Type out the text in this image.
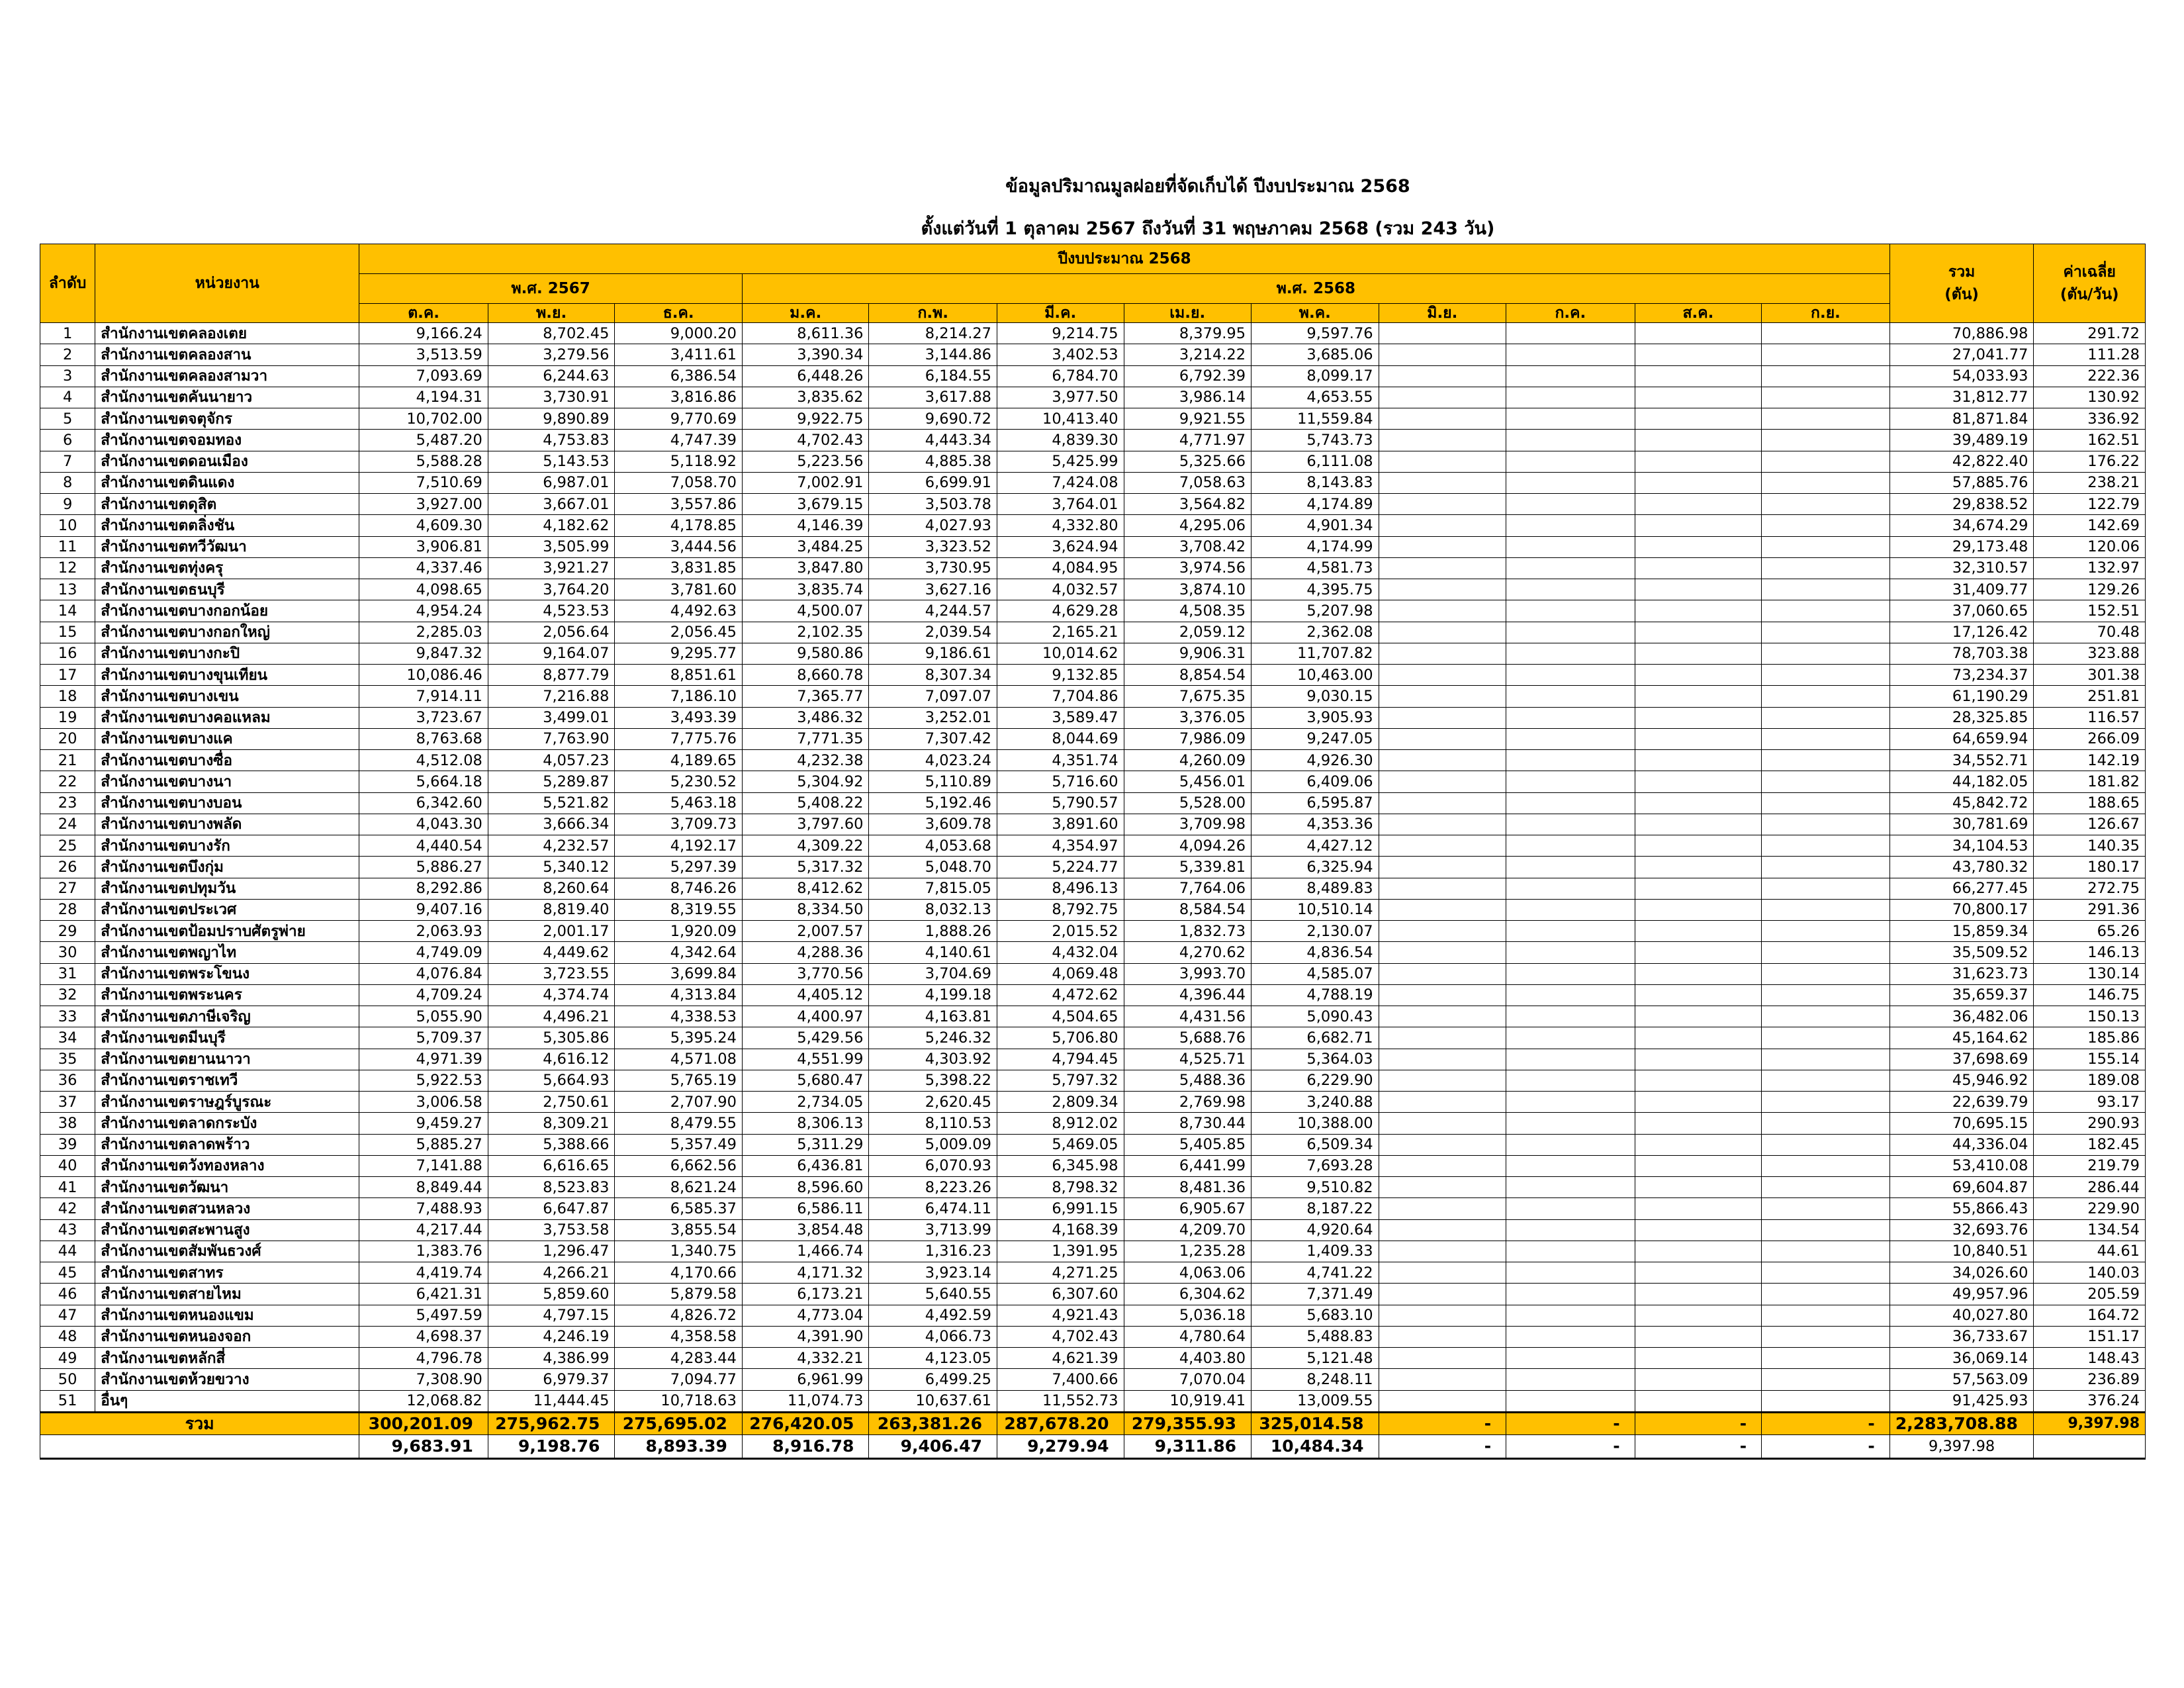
ข้อมูลปริมาณมูลฝอยที่จัดเก็บได้ ปีงบประมาณ 2568
ตั้งแต่วันที่ 1 ตุลาคม 2567 ถึงวันที่ 31 พฤษภาคม 2568 (รวม 243 วัน)
ลำดับ	หน่วยงาน	ปีงบประมาณ 2568												รวม
(ตัน)	ค่าเฉลี่ย
(ตัน/วัน)
		พ.ศ. 2567			พ.ศ. 2568										
		ต.ค.	พ.ย.	ธ.ค.	ม.ค.	ก.พ.	มี.ค.	เม.ย.	พ.ค.	มิ.ย.	ก.ค.	ส.ค.	ก.ย.		
1	สำนักงานเขตคลองเตย	9,166.24	8,702.45	9,000.20	8,611.36	8,214.27	9,214.75	8,379.95	9,597.76					70,886.98	291.72
2	สำนักงานเขตคลองสาน	3,513.59	3,279.56	3,411.61	3,390.34	3,144.86	3,402.53	3,214.22	3,685.06					27,041.77	111.28
3	สำนักงานเขตคลองสามวา	7,093.69	6,244.63	6,386.54	6,448.26	6,184.55	6,784.70	6,792.39	8,099.17					54,033.93	222.36
4	สำนักงานเขตคันนายาว	4,194.31	3,730.91	3,816.86	3,835.62	3,617.88	3,977.50	3,986.14	4,653.55					31,812.77	130.92
5	สำนักงานเขตจตุจักร	10,702.00	9,890.89	9,770.69	9,922.75	9,690.72	10,413.40	9,921.55	11,559.84					81,871.84	336.92
6	สำนักงานเขตจอมทอง	5,487.20	4,753.83	4,747.39	4,702.43	4,443.34	4,839.30	4,771.97	5,743.73					39,489.19	162.51
7	สำนักงานเขตดอนเมือง	5,588.28	5,143.53	5,118.92	5,223.56	4,885.38	5,425.99	5,325.66	6,111.08					42,822.40	176.22
8	สำนักงานเขตดินแดง	7,510.69	6,987.01	7,058.70	7,002.91	6,699.91	7,424.08	7,058.63	8,143.83					57,885.76	238.21
9	สำนักงานเขตดุสิต	3,927.00	3,667.01	3,557.86	3,679.15	3,503.78	3,764.01	3,564.82	4,174.89					29,838.52	122.79
10	สำนักงานเขตตลิ่งชัน	4,609.30	4,182.62	4,178.85	4,146.39	4,027.93	4,332.80	4,295.06	4,901.34					34,674.29	142.69
11	สำนักงานเขตทวีวัฒนา	3,906.81	3,505.99	3,444.56	3,484.25	3,323.52	3,624.94	3,708.42	4,174.99					29,173.48	120.06
12	สำนักงานเขตทุ่งครุ	4,337.46	3,921.27	3,831.85	3,847.80	3,730.95	4,084.95	3,974.56	4,581.73					32,310.57	132.97
13	สำนักงานเขตธนบุรี	4,098.65	3,764.20	3,781.60	3,835.74	3,627.16	4,032.57	3,874.10	4,395.75					31,409.77	129.26
14	สำนักงานเขตบางกอกน้อย	4,954.24	4,523.53	4,492.63	4,500.07	4,244.57	4,629.28	4,508.35	5,207.98					37,060.65	152.51
15	สำนักงานเขตบางกอกใหญ่	2,285.03	2,056.64	2,056.45	2,102.35	2,039.54	2,165.21	2,059.12	2,362.08					17,126.42	70.48
16	สำนักงานเขตบางกะปิ	9,847.32	9,164.07	9,295.77	9,580.86	9,186.61	10,014.62	9,906.31	11,707.82					78,703.38	323.88
17	สำนักงานเขตบางขุนเทียน	10,086.46	8,877.79	8,851.61	8,660.78	8,307.34	9,132.85	8,854.54	10,463.00					73,234.37	301.38
18	สำนักงานเขตบางเขน	7,914.11	7,216.88	7,186.10	7,365.77	7,097.07	7,704.86	7,675.35	9,030.15					61,190.29	251.81
19	สำนักงานเขตบางคอแหลม	3,723.67	3,499.01	3,493.39	3,486.32	3,252.01	3,589.47	3,376.05	3,905.93					28,325.85	116.57
20	สำนักงานเขตบางแค	8,763.68	7,763.90	7,775.76	7,771.35	7,307.42	8,044.69	7,986.09	9,247.05					64,659.94	266.09
21	สำนักงานเขตบางซื่อ	4,512.08	4,057.23	4,189.65	4,232.38	4,023.24	4,351.74	4,260.09	4,926.30					34,552.71	142.19
22	สำนักงานเขตบางนา	5,664.18	5,289.87	5,230.52	5,304.92	5,110.89	5,716.60	5,456.01	6,409.06					44,182.05	181.82
23	สำนักงานเขตบางบอน	6,342.60	5,521.82	5,463.18	5,408.22	5,192.46	5,790.57	5,528.00	6,595.87					45,842.72	188.65
24	สำนักงานเขตบางพลัด	4,043.30	3,666.34	3,709.73	3,797.60	3,609.78	3,891.60	3,709.98	4,353.36					30,781.69	126.67
25	สำนักงานเขตบางรัก	4,440.54	4,232.57	4,192.17	4,309.22	4,053.68	4,354.97	4,094.26	4,427.12					34,104.53	140.35
26	สำนักงานเขตบึงกุ่ม	5,886.27	5,340.12	5,297.39	5,317.32	5,048.70	5,224.77	5,339.81	6,325.94					43,780.32	180.17
27	สำนักงานเขตปทุมวัน	8,292.86	8,260.64	8,746.26	8,412.62	7,815.05	8,496.13	7,764.06	8,489.83					66,277.45	272.75
28	สำนักงานเขตประเวศ	9,407.16	8,819.40	8,319.55	8,334.50	8,032.13	8,792.75	8,584.54	10,510.14					70,800.17	291.36
29	สำนักงานเขตป้อมปราบศัตรูพ่าย	2,063.93	2,001.17	1,920.09	2,007.57	1,888.26	2,015.52	1,832.73	2,130.07					15,859.34	65.26
30	สำนักงานเขตพญาไท	4,749.09	4,449.62	4,342.64	4,288.36	4,140.61	4,432.04	4,270.62	4,836.54					35,509.52	146.13
31	สำนักงานเขตพระโขนง	4,076.84	3,723.55	3,699.84	3,770.56	3,704.69	4,069.48	3,993.70	4,585.07					31,623.73	130.14
32	สำนักงานเขตพระนคร	4,709.24	4,374.74	4,313.84	4,405.12	4,199.18	4,472.62	4,396.44	4,788.19					35,659.37	146.75
33	สำนักงานเขตภาษีเจริญ	5,055.90	4,496.21	4,338.53	4,400.97	4,163.81	4,504.65	4,431.56	5,090.43					36,482.06	150.13
34	สำนักงานเขตมีนบุรี	5,709.37	5,305.86	5,395.24	5,429.56	5,246.32	5,706.80	5,688.76	6,682.71					45,164.62	185.86
35	สำนักงานเขตยานนาวา	4,971.39	4,616.12	4,571.08	4,551.99	4,303.92	4,794.45	4,525.71	5,364.03					37,698.69	155.14
36	สำนักงานเขตราชเทวี	5,922.53	5,664.93	5,765.19	5,680.47	5,398.22	5,797.32	5,488.36	6,229.90					45,946.92	189.08
37	สำนักงานเขตราษฎร์บูรณะ	3,006.58	2,750.61	2,707.90	2,734.05	2,620.45	2,809.34	2,769.98	3,240.88					22,639.79	93.17
38	สำนักงานเขตลาดกระบัง	9,459.27	8,309.21	8,479.55	8,306.13	8,110.53	8,912.02	8,730.44	10,388.00					70,695.15	290.93
39	สำนักงานเขตลาดพร้าว	5,885.27	5,388.66	5,357.49	5,311.29	5,009.09	5,469.05	5,405.85	6,509.34					44,336.04	182.45
40	สำนักงานเขตวังทองหลาง	7,141.88	6,616.65	6,662.56	6,436.81	6,070.93	6,345.98	6,441.99	7,693.28					53,410.08	219.79
41	สำนักงานเขตวัฒนา	8,849.44	8,523.83	8,621.24	8,596.60	8,223.26	8,798.32	8,481.36	9,510.82					69,604.87	286.44
42	สำนักงานเขตสวนหลวง	7,488.93	6,647.87	6,585.37	6,586.11	6,474.11	6,991.15	6,905.67	8,187.22					55,866.43	229.90
43	สำนักงานเขตสะพานสูง	4,217.44	3,753.58	3,855.54	3,854.48	3,713.99	4,168.39	4,209.70	4,920.64					32,693.76	134.54
44	สำนักงานเขตสัมพันธวงศ์	1,383.76	1,296.47	1,340.75	1,466.74	1,316.23	1,391.95	1,235.28	1,409.33					10,840.51	44.61
45	สำนักงานเขตสาทร	4,419.74	4,266.21	4,170.66	4,171.32	3,923.14	4,271.25	4,063.06	4,741.22					34,026.60	140.03
46	สำนักงานเขตสายไหม	6,421.31	5,859.60	5,879.58	6,173.21	5,640.55	6,307.60	6,304.62	7,371.49					49,957.96	205.59
47	สำนักงานเขตหนองแขม	5,497.59	4,797.15	4,826.72	4,773.04	4,492.59	4,921.43	5,036.18	5,683.10					40,027.80	164.72
48	สำนักงานเขตหนองจอก	4,698.37	4,246.19	4,358.58	4,391.90	4,066.73	4,702.43	4,780.64	5,488.83					36,733.67	151.17
49	สำนักงานเขตหลักสี่	4,796.78	4,386.99	4,283.44	4,332.21	4,123.05	4,621.39	4,403.80	5,121.48					36,069.14	148.43
50	สำนักงานเขตห้วยขวาง	7,308.90	6,979.37	7,094.77	6,961.99	6,499.25	7,400.66	7,070.04	8,248.11					57,563.09	236.89
51	อื่นๆ	12,068.82	11,444.45	10,718.63	11,074.73	10,637.61	11,552.73	10,919.41	13,009.55					91,425.93	376.24
รวม		300,201.09	275,962.75	275,695.02	276,420.05	263,381.26	287,678.20	279,355.93	325,014.58	-	-	-	-	2,283,708.88	9,397.98
		9,683.91	9,198.76	8,893.39	8,916.78	9,406.47	9,279.94	9,311.86	10,484.34	-	-	-	-	9,397.98	
